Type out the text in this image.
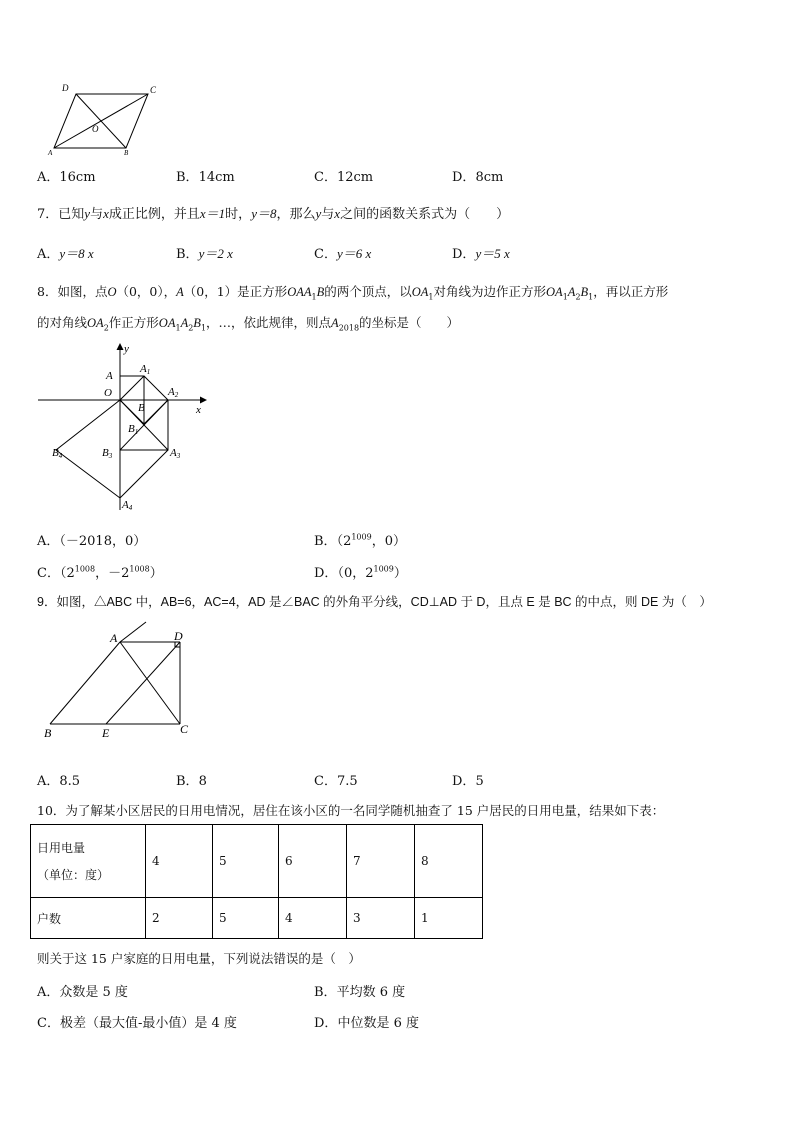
D	C
O
A	B
A．16cm	B．14cm	C．12cm	D．8cm
7．已知y与x成正比例，并且x＝1时，y＝8，那么y与x之间的函数关系式为（　　）
A．y＝8 x	B．y＝2 x	C．y＝6 x	D．y＝5 x
8．如图，点O（0，0），A（0，1）是正方形$OAA_1B$的两个顶点，以$OA_1$对角线为边作正方形$OA_1A_2B_1$，再以正方形
的对角线$OA_2$作正方形$OA_1A_2B_1$，…，依此规律，则点$A_{2018}$的坐标是（　　）
y
x
A
A1
O	A2
B
B1
B4	B3	A3
A4
A．（－2018，0）	B．（$2^{1009}$，0）
C．（$2^{1008}$，$-2^{1008}$）	D．（0，$2^{1009}$）
9．如图，△ABC 中，AB=6，AC=4，AD 是∠BAC 的外角平分线，CD⊥AD 于 D，且点 E 是 BC 的中点，则 DE 为（　）
A	D
B	E	C
A．8.5	B．8	C．7.5	D．5
10．为了解某小区居民的日用电情况，居住在该小区的一名同学随机抽查了 15 户居民的日用电量，结果如下表：
日用电量
（单位：度）	4	5	6	7	8
户数	2	5	4	3	1
则关于这 15 户家庭的日用电量，下列说法错误的是（　）
A．众数是 5 度	B．平均数 6 度
C．极差（最大值-最小值）是 4 度	D．中位数是 6 度
